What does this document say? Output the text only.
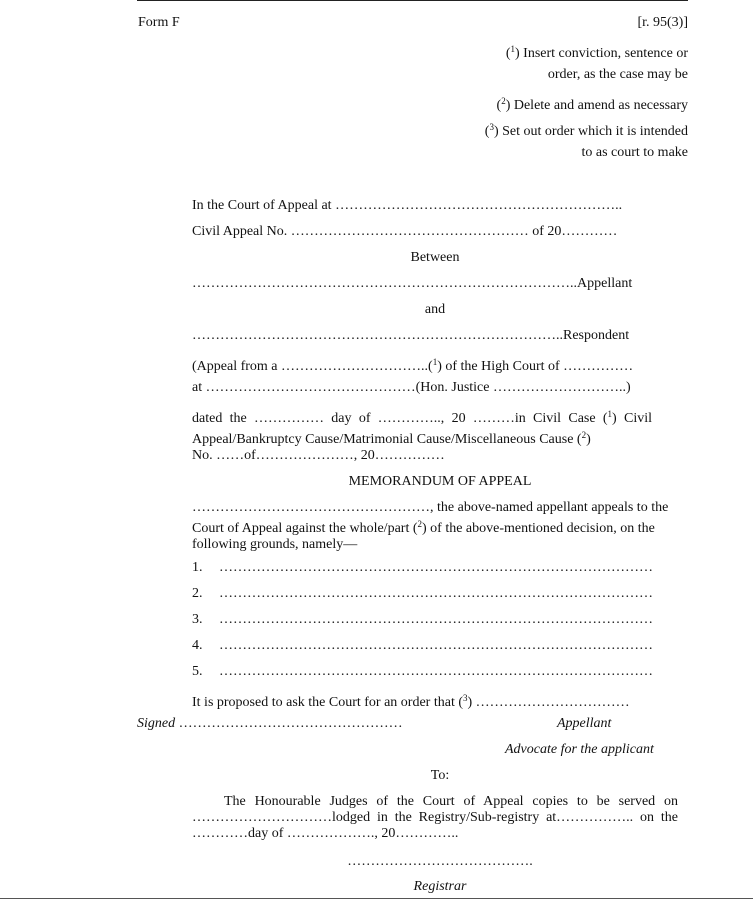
Form F	[r. 95(3)]
($^1$) Insert conviction, sentence or
order, as the case may be
($^2$) Delete and amend as necessary
($^3$) Set out order which it is intended
to as court to make
In the Court of Appeal at ……………………………………………………..
Civil Appeal No. …………………………………………… of 20…………
Between
………………………………………………………………………..Appellant
and
……………………………………………………………………..Respondent
(Appeal from a …………………………..($^1$) of the High Court of ……………
at ………………………………………(Hon. Justice ………………………..)
dated the …………… day of ………….., 20 ………in Civil Case ($^1$) Civil Appeal/Bankruptcy Cause/Matrimonial Cause/Miscellaneous Cause ($^2$)
No. ……of…………………, 20……………
MEMORANDUM OF APPEAL
……………………………………………, the above-named appellant appeals to the Court of Appeal against the whole/part ($^2$) of the above-mentioned decision, on the following grounds, namely—
1.	…………………………………………………………………………………
2.	…………………………………………………………………………………
3.	…………………………………………………………………………………
4.	…………………………………………………………………………………
5.	…………………………………………………………………………………
It is proposed to ask the Court for an order that ($^3$) ……………………………
Signed …………………………………………	Appellant
Advocate for the applicant
To:
The Honourable Judges of the Court of Appeal copies to be served on …………………………lodged in the Registry/Sub-registry at…………….. on the …………day of ………………., 20…………..
………………………………….
Registrar
